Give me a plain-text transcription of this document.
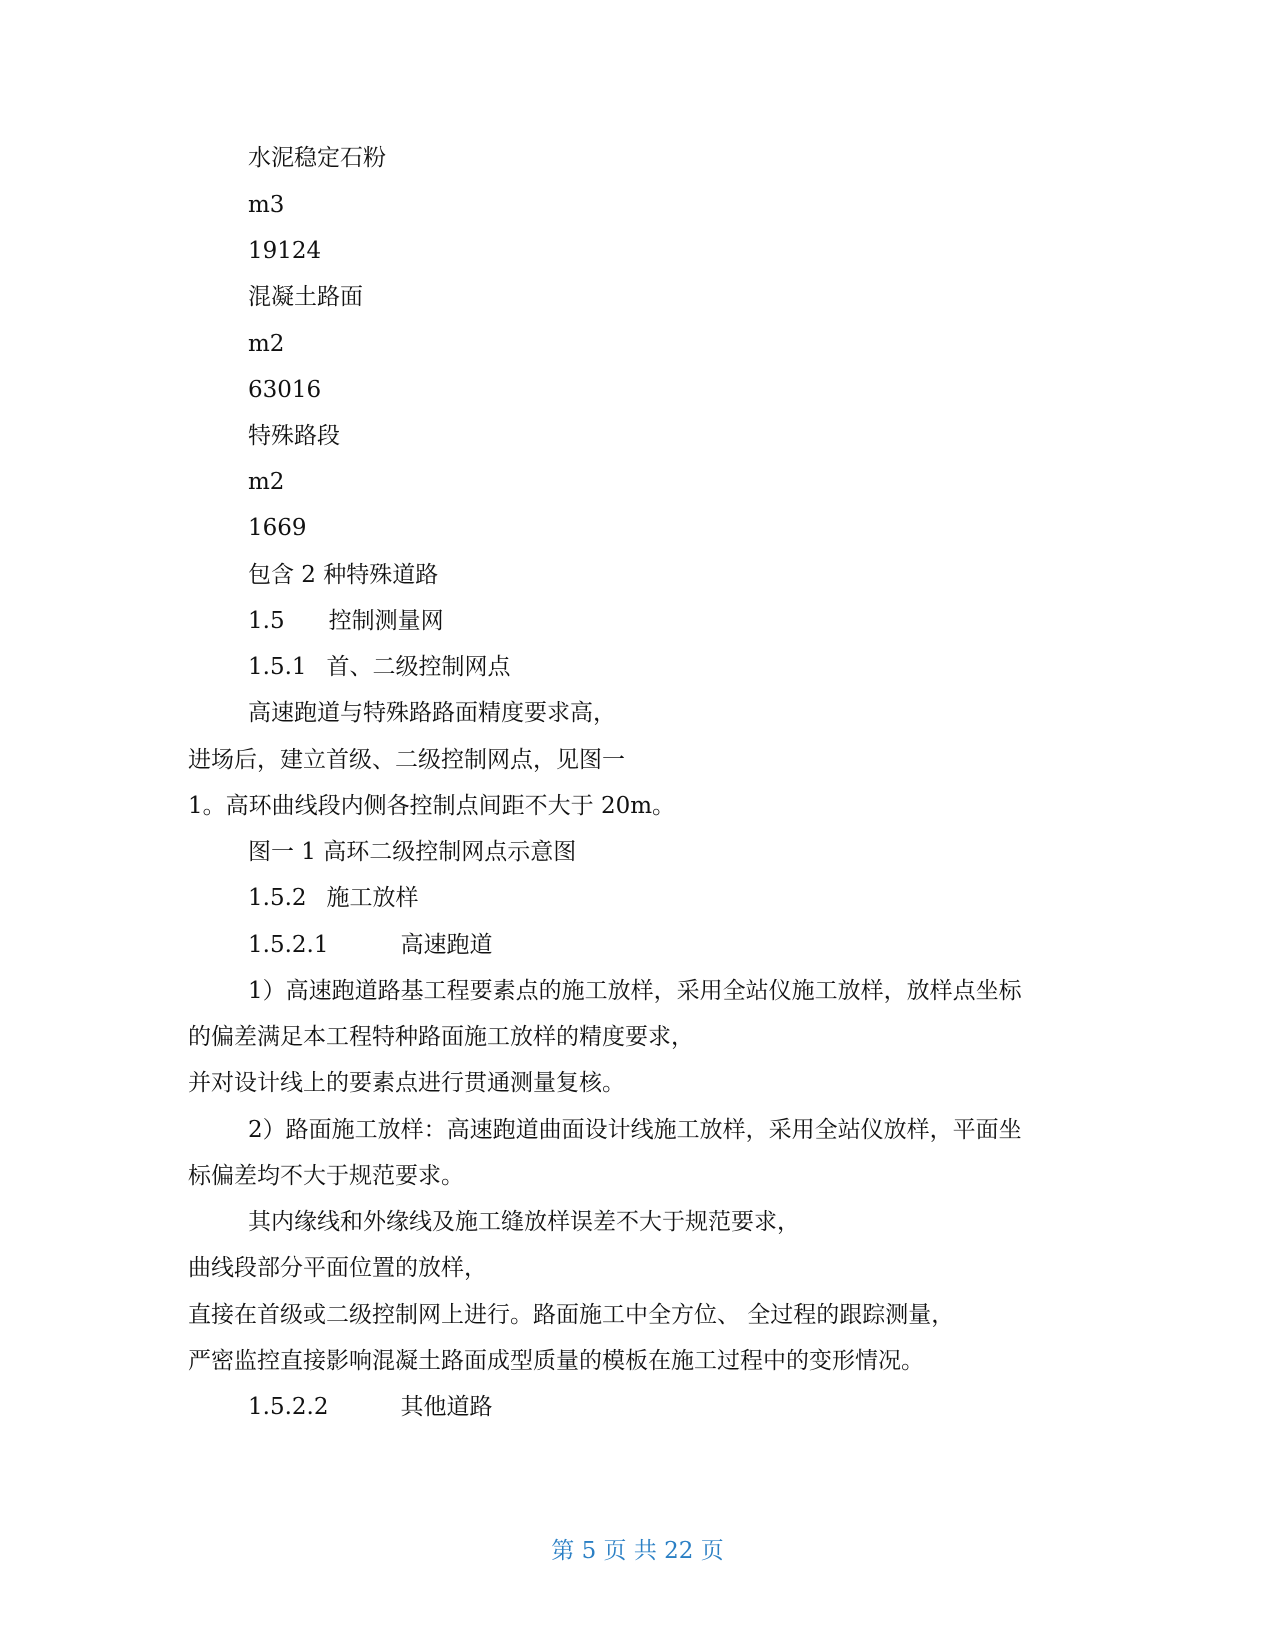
水泥稳定石粉
m3
19124
混凝土路面
m2
63016
特殊路段
m2
1669
包含 2 种特殊道路
1.5 控制测量网
1.5.1 首、二级控制网点
高速跑道与特殊路路面精度要求高，
进场后，建立首级、二级控制网点，见图一
1。高环曲线段内侧各控制点间距不大于 20m。
图一 1 高环二级控制网点示意图
1.5.2 施工放样
1.5.2.1	高速跑道
1）高速跑道路基工程要素点的施工放样，采用全站仪施工放样，放样点坐标
的偏差满足本工程特种路面施工放样的精度要求，
并对设计线上的要素点进行贯通测量复核。
2）路面施工放样：高速跑道曲面设计线施工放样，采用全站仪放样，平面坐
标偏差均不大于规范要求。
其内缘线和外缘线及施工缝放样误差不大于规范要求，
曲线段部分平面位置的放样，
直接在首级或二级控制网上进行。路面施工中全方位、 全过程的跟踪测量，
严密监控直接影响混凝土路面成型质量的模板在施工过程中的变形情况。
1.5.2.2	其他道路
第 5 页 共 22 页
